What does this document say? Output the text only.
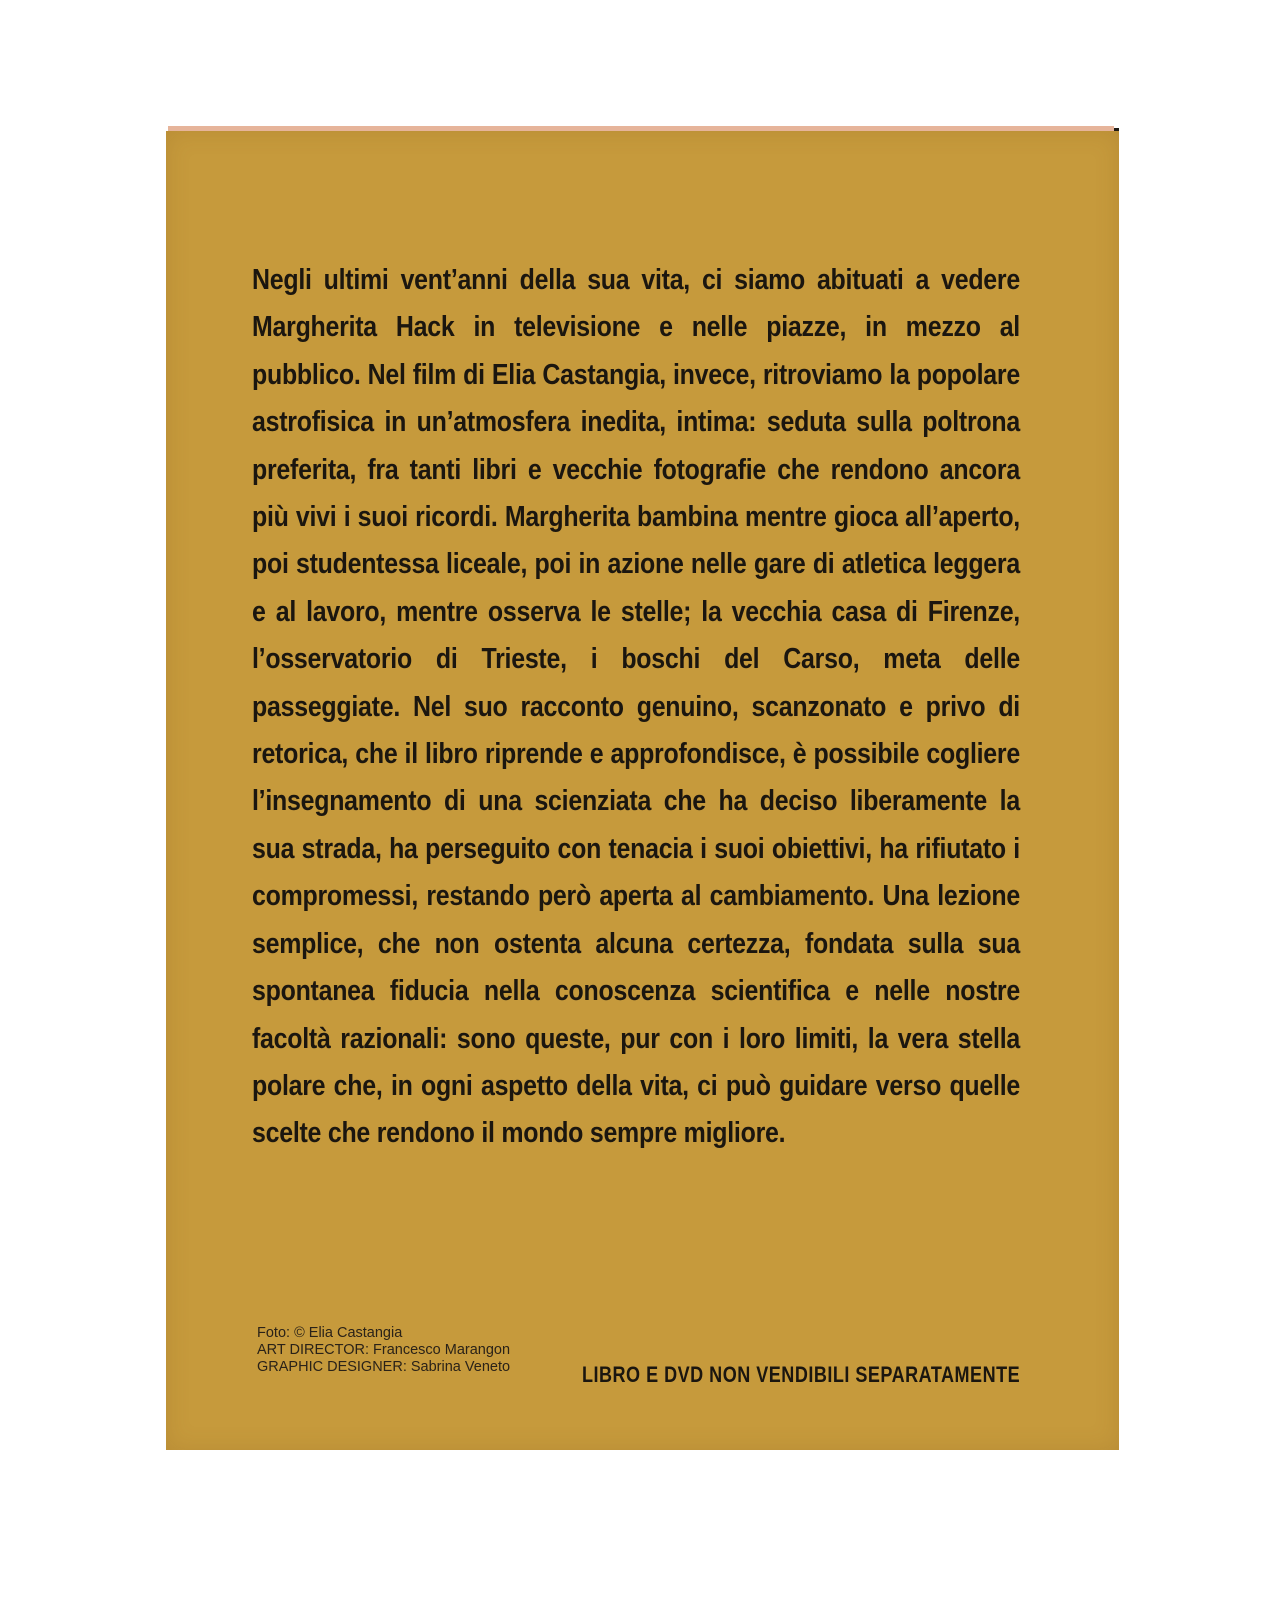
Negli ultimi vent’anni della sua vita, ci siamo abituati a vedere Margherita Hack in televisione e nelle piazze, in mezzo al pubblico. Nel film di Elia Castangia, invece, ritroviamo la popolare astrofisica in un’atmosfera inedita, intima: seduta sulla poltrona preferita, fra tanti libri e vecchie fotografie che rendono ancora più vivi i suoi ricordi. Margherita bambina mentre gioca all’aperto, poi studentessa liceale, poi in azione nelle gare di atletica leggera e al lavoro, mentre osserva le stelle; la vecchia casa di Firenze, l’osservatorio di Trieste, i boschi del Carso, meta delle passeggiate. Nel suo racconto genuino, scanzonato e privo di retorica, che il libro riprende e approfondisce, è possibile cogliere l’insegnamento di una scienziata che ha deciso liberamente la sua strada, ha perseguito con tenacia i suoi obiettivi, ha rifiutato i compromessi, restando però aperta al cambiamento. Una lezione semplice, che non ostenta alcuna certezza, fondata sulla sua spontanea fiducia nella conoscenza scientifica e nelle nostre facoltà razionali: sono queste, pur con i loro limiti, la vera stella polare che, in ogni aspetto della vita, ci può guidare verso quelle scelte che rendono il mondo sempre migliore.

Foto: © Elia Castangia
ART DIRECTOR: Francesco Marangon
GRAPHIC DESIGNER: Sabrina Veneto	LIBRO E DVD NON VENDIBILI SEPARATAMENTE
